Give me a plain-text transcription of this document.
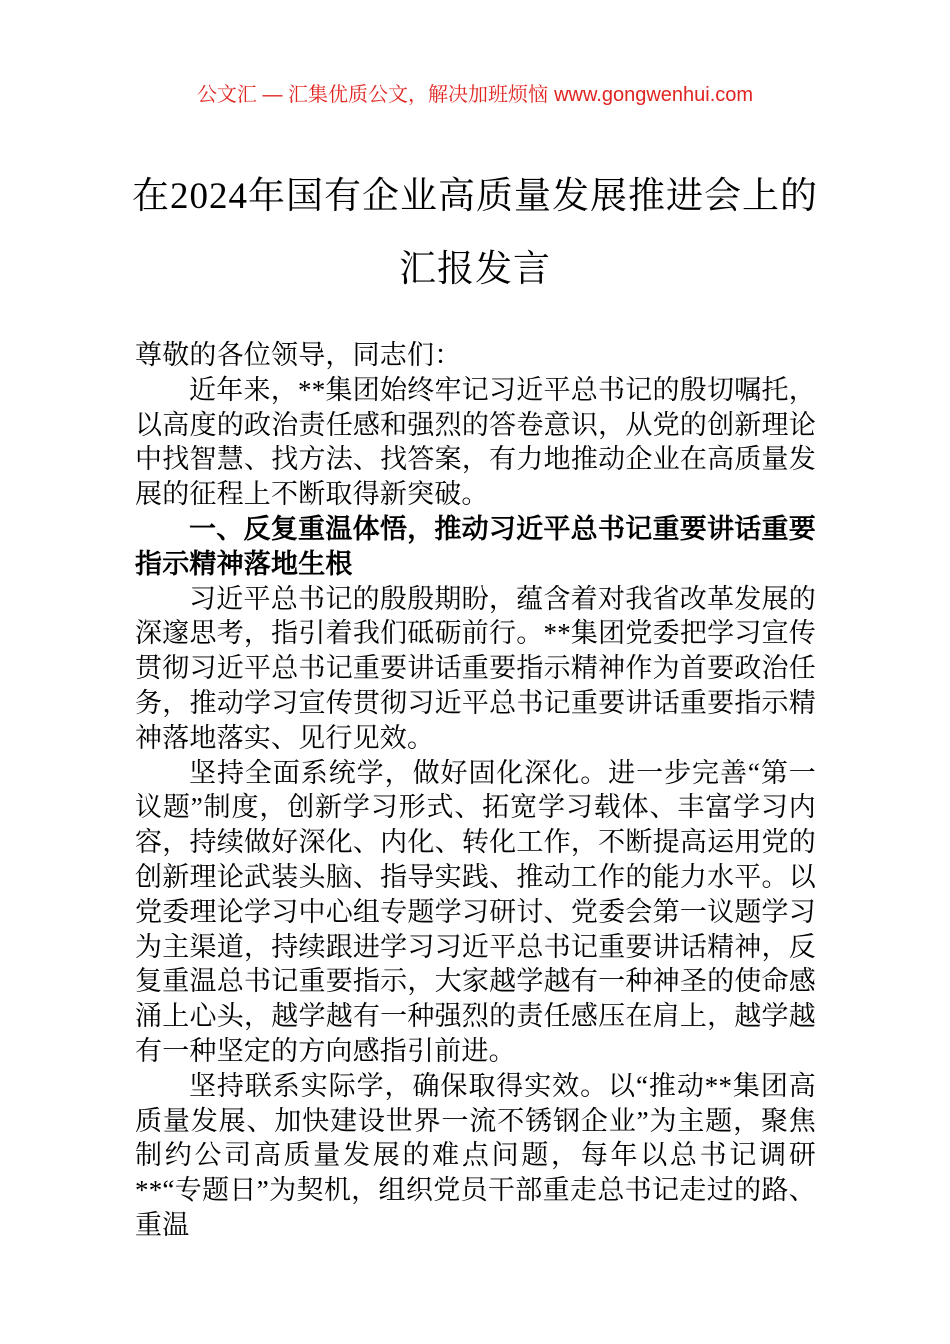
公文汇 — 汇集优质公文，解决加班烦恼 www.gongwenhui.com
在2024年国有企业高质量发展推进会上的
汇报发言

尊敬的各位领导，同志们：

近年来，**集团始终牢记习近平总书记的殷切嘱托，以高度的政治责任感和强烈的答卷意识，从党的创新理论中找智慧、找方法、找答案，有力地推动企业在高质量发展的征程上不断取得新突破。

一、反复重温体悟，推动习近平总书记重要讲话重要指示精神落地生根

习近平总书记的殷殷期盼，蕴含着对我省改革发展的深邃思考，指引着我们砥砺前行。**集团党委把学习宣传贯彻习近平总书记重要讲话重要指示精神作为首要政治任务，推动学习宣传贯彻习近平总书记重要讲话重要指示精神落地落实、见行见效。

坚持全面系统学，做好固化深化。进一步完善“第一议题”制度，创新学习形式、拓宽学习载体、丰富学习内容，持续做好深化、内化、转化工作，不断提高运用党的创新理论武装头脑、指导实践、推动工作的能力水平。以党委理论学习中心组专题学习研讨、党委会第一议题学习为主渠道，持续跟进学习习近平总书记重要讲话精神，反复重温总书记重要指示，大家越学越有一种神圣的使命感涌上心头，越学越有一种强烈的责任感压在肩上，越学越有一种坚定的方向感指引前进。

坚持联系实际学，确保取得实效。以“推动**集团高质量发展、加快建设世界一流不锈钢企业”为主题，聚焦制约公司高质量发展的难点问题，每年以总书记调研**“专题日”为契机，组织党员干部重走总书记走过的路、重温
